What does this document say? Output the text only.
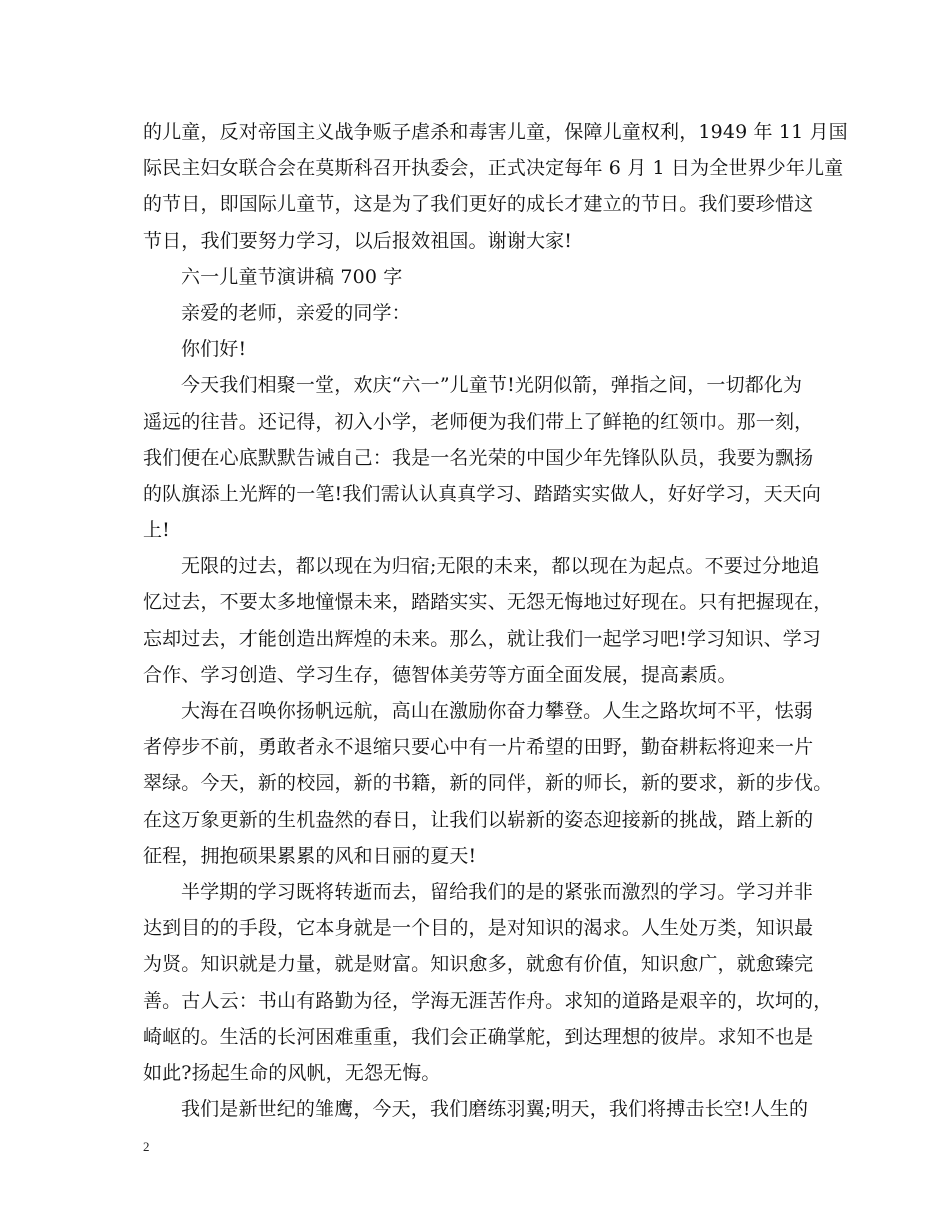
的儿童，反对帝国主义战争贩子虐杀和毒害儿童，保障儿童权利，1949 年 11 月国
际民主妇女联合会在莫斯科召开执委会，正式决定每年 6 月 1 日为全世界少年儿童
的节日，即国际儿童节，这是为了我们更好的成长才建立的节日。我们要珍惜这
节日，我们要努力学习，以后报效祖国。谢谢大家!
六一儿童节演讲稿 700 字
亲爱的老师，亲爱的同学：
你们好!
今天我们相聚一堂，欢庆“六一”儿童节!光阴似箭，弹指之间，一切都化为
遥远的往昔。还记得，初入小学，老师便为我们带上了鲜艳的红领巾。那一刻，
我们便在心底默默告诫自己：我是一名光荣的中国少年先锋队队员，我要为飘扬
的队旗添上光辉的一笔!我们需认认真真学习、踏踏实实做人，好好学习，天天向
上!
无限的过去，都以现在为归宿;无限的未来，都以现在为起点。不要过分地追
忆过去，不要太多地憧憬未来，踏踏实实、无怨无悔地过好现在。只有把握现在，
忘却过去，才能创造出辉煌的未来。那么，就让我们一起学习吧!学习知识、学习
合作、学习创造、学习生存，德智体美劳等方面全面发展，提高素质。
大海在召唤你扬帆远航，高山在激励你奋力攀登。人生之路坎坷不平，怯弱
者停步不前，勇敢者永不退缩只要心中有一片希望的田野，勤奋耕耘将迎来一片
翠绿。今天，新的校园，新的书籍，新的同伴，新的师长，新的要求，新的步伐。
在这万象更新的生机盎然的春日，让我们以崭新的姿态迎接新的挑战，踏上新的
征程，拥抱硕果累累的风和日丽的夏天!
半学期的学习既将转逝而去，留给我们的是的紧张而激烈的学习。学习并非
达到目的的手段，它本身就是一个目的，是对知识的渴求。人生处万类，知识最
为贤。知识就是力量，就是财富。知识愈多，就愈有价值，知识愈广，就愈臻完
善。古人云：书山有路勤为径，学海无涯苦作舟。求知的道路是艰辛的，坎坷的，
崎岖的。生活的长河困难重重，我们会正确掌舵，到达理想的彼岸。求知不也是
如此?扬起生命的风帆，无怨无悔。
我们是新世纪的雏鹰，今天，我们磨练羽翼;明天，我们将搏击长空!人生的
2
